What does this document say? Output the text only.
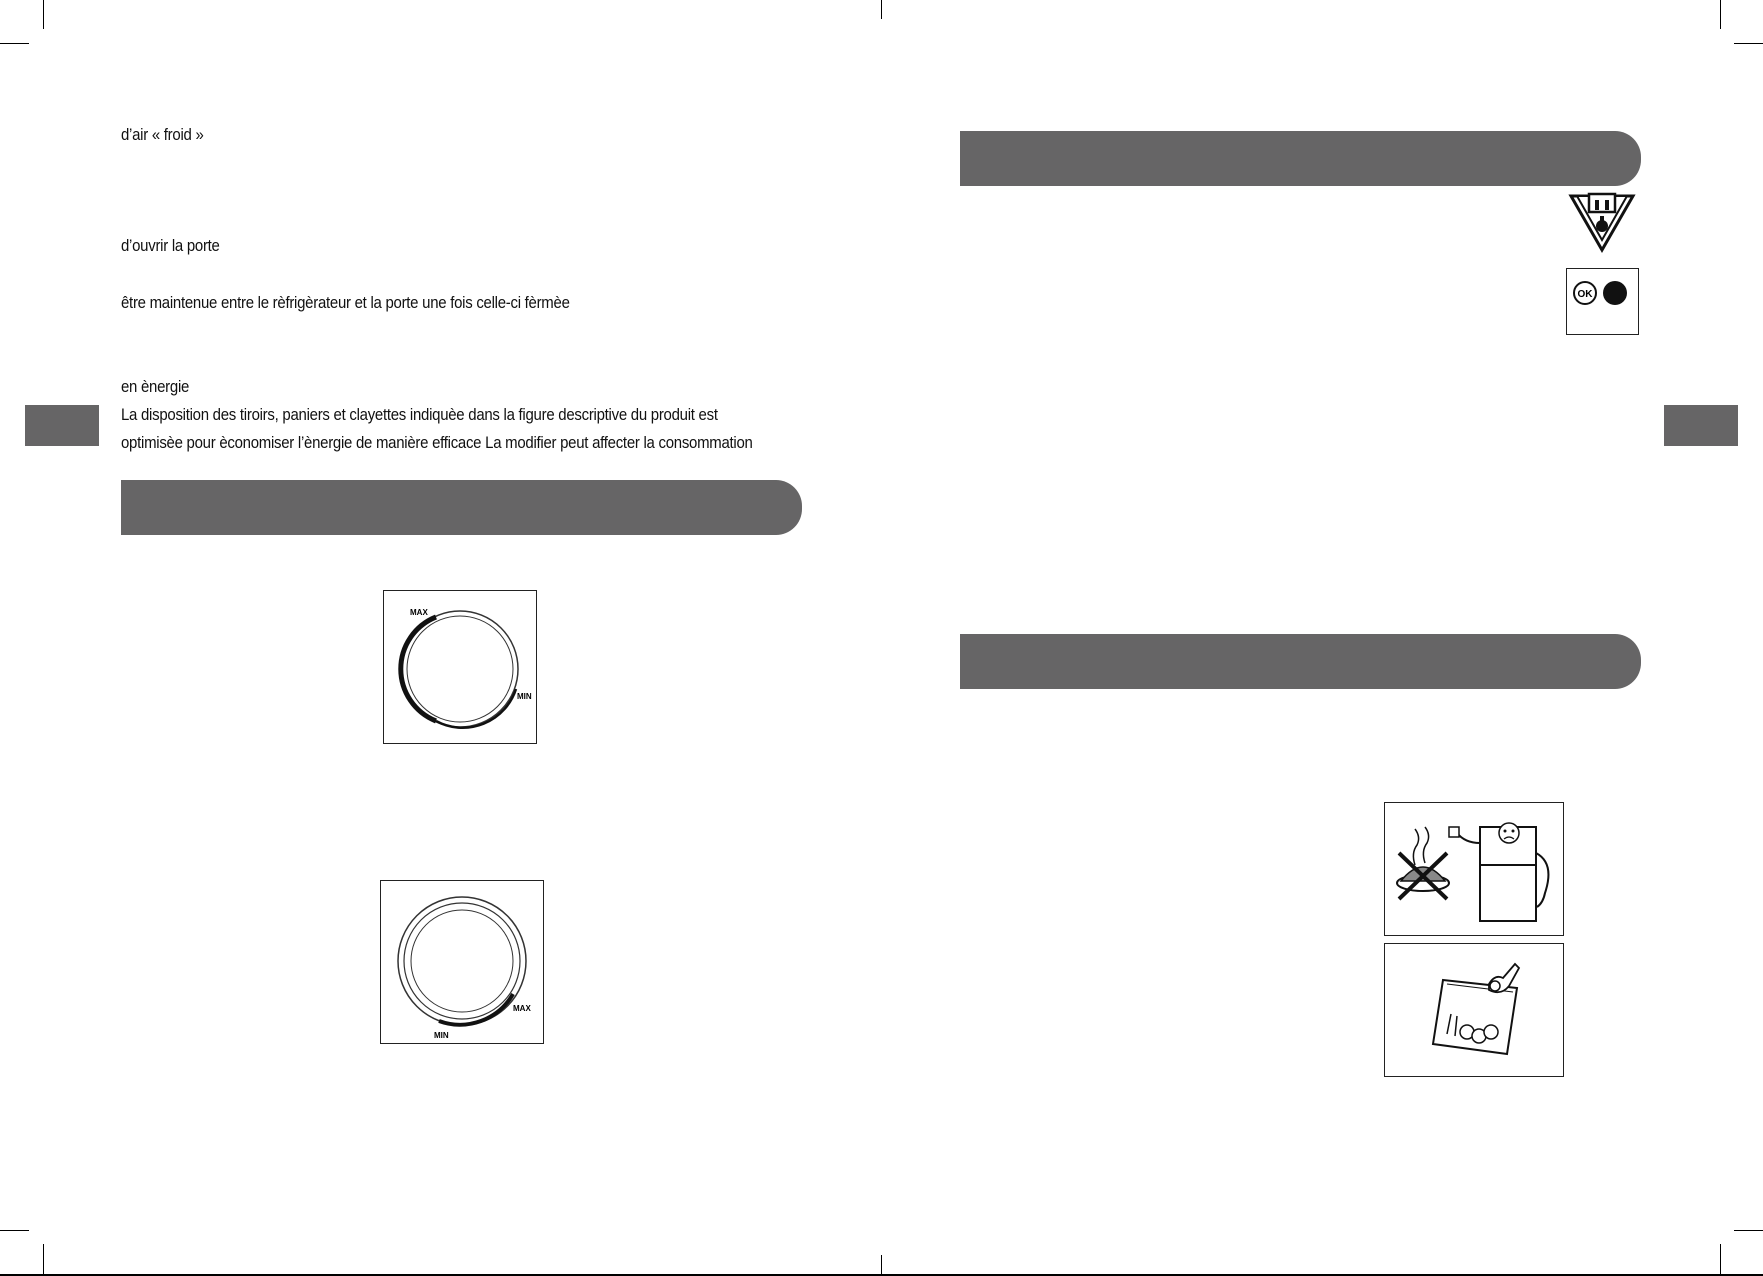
d’air « froid »
d’ouvrir la porte
être maintenue entre le rèfrigèrateur et la porte une fois celle-ci fèrmèe
en ènergie
La disposition des tiroirs, paniers et clayettes indiquèe dans la figure descriptive du produit est
optimisèe pour èconomiser l’ènergie de manière efficace La modifier peut affecter la consommation
MAX
MIN
MAX
MIN
OK
